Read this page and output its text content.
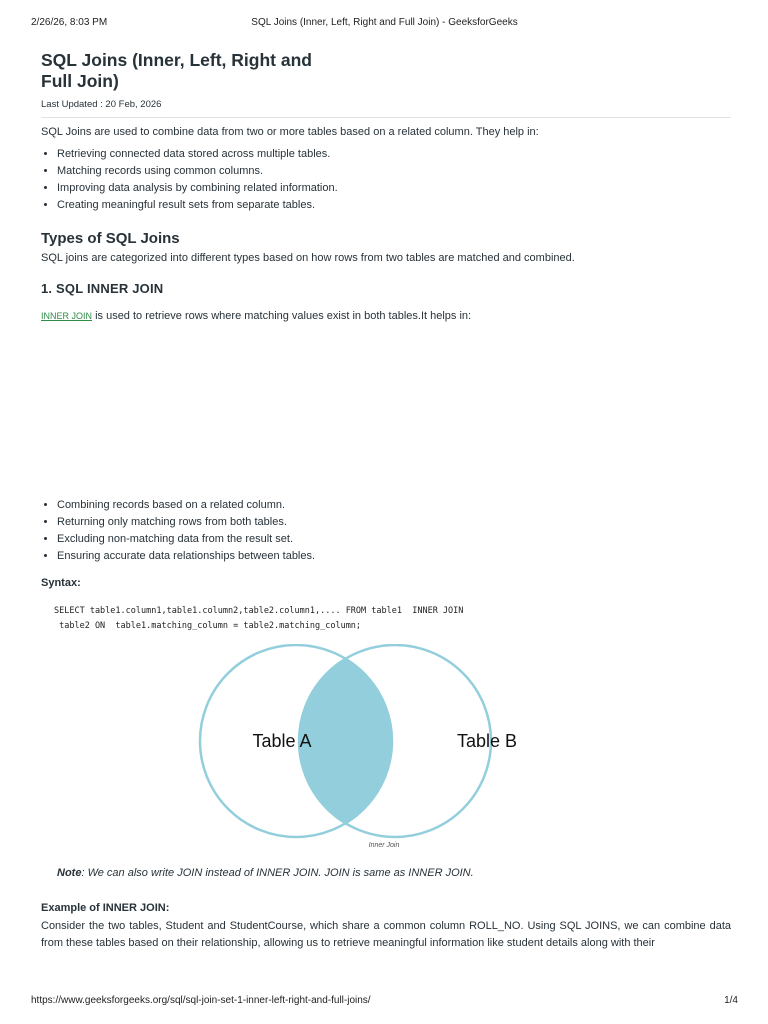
2/26/26, 8:03 PM	SQL Joins (Inner, Left, Right and Full Join) - GeeksforGeeks
SQL Joins (Inner, Left, Right and Full Join)
Last Updated : 20 Feb, 2026

SQL Joins are used to combine data from two or more tables based on a related column. They help in:

• Retrieving connected data stored across multiple tables.
• Matching records using common columns.
• Improving data analysis by combining related information.
• Creating meaningful result sets from separate tables.
Types of SQL Joins

SQL joins are categorized into different types based on how rows from two tables are matched and combined.

1. SQL INNER JOIN

INNER JOIN is used to retrieve rows where matching values exist in both tables.It helps in:

• Combining records based on a related column.
• Returning only matching rows from both tables.
• Excluding non-matching data from the result set.
• Ensuring accurate data relationships between tables.
Syntax:
SELECT table1.column1,table1.column2,table2.column1,.... FROM table1  INNER JOIN
table2 ON  table1.matching_column = table2.matching_column;
Table A	Table B
Inner Join

Note: We can also write JOIN instead of INNER JOIN. JOIN is same as INNER JOIN.

Example of INNER JOIN:

Consider the two tables, Student and StudentCourse, which share a common column ROLL_NO. Using SQL JOINS, we can combine data from these tables based on their relationship, allowing us to retrieve meaningful information like student details along with their

https://www.geeksforgeeks.org/sql/sql-join-set-1-inner-left-right-and-full-joins/	1/4
